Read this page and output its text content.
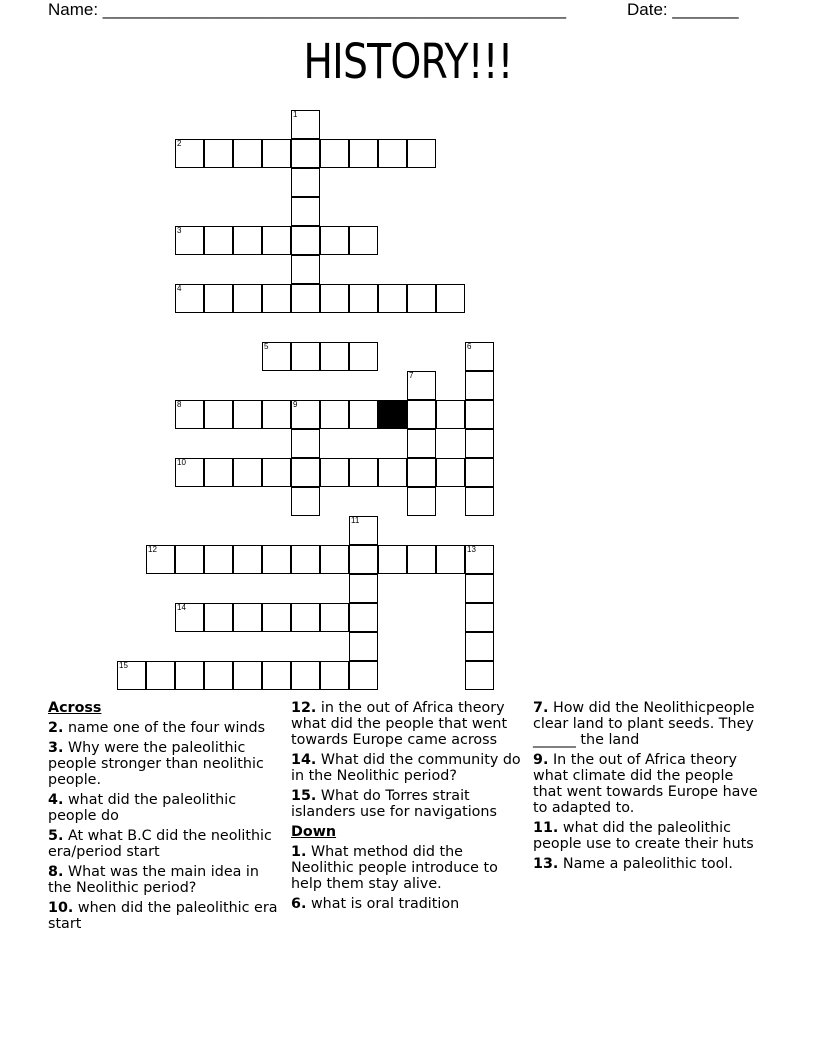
Name: _________________________________________________	Date: _______
HISTORY!!!
1
2
3
4
5	6
7
8	9
10
11
12	13
14
15
Across
2. name one of the four winds
3. Why were the paleolithic people stronger than neolithic people.
4. what did the paleolithic people do
5. At what B.C did the neolithic era/period start
8. What was the main idea in the Neolithic period?
10. when did the paleolithic era start
12. in the out of Africa theory what did the people that went towards Europe came across
14. What did the community do in the Neolithic period?
15. What do Torres strait islanders use for navigations
Down
1. What method did the Neolithic people introduce to help them stay alive.
6. what is oral tradition
7. How did the Neolithicpeople clear land to plant seeds. They ______ the land
9. In the out of Africa theory what climate did the people that went towards Europe have to adapted to.
11. what did the paleolithic people use to create their huts
13. Name a paleolithic tool.
